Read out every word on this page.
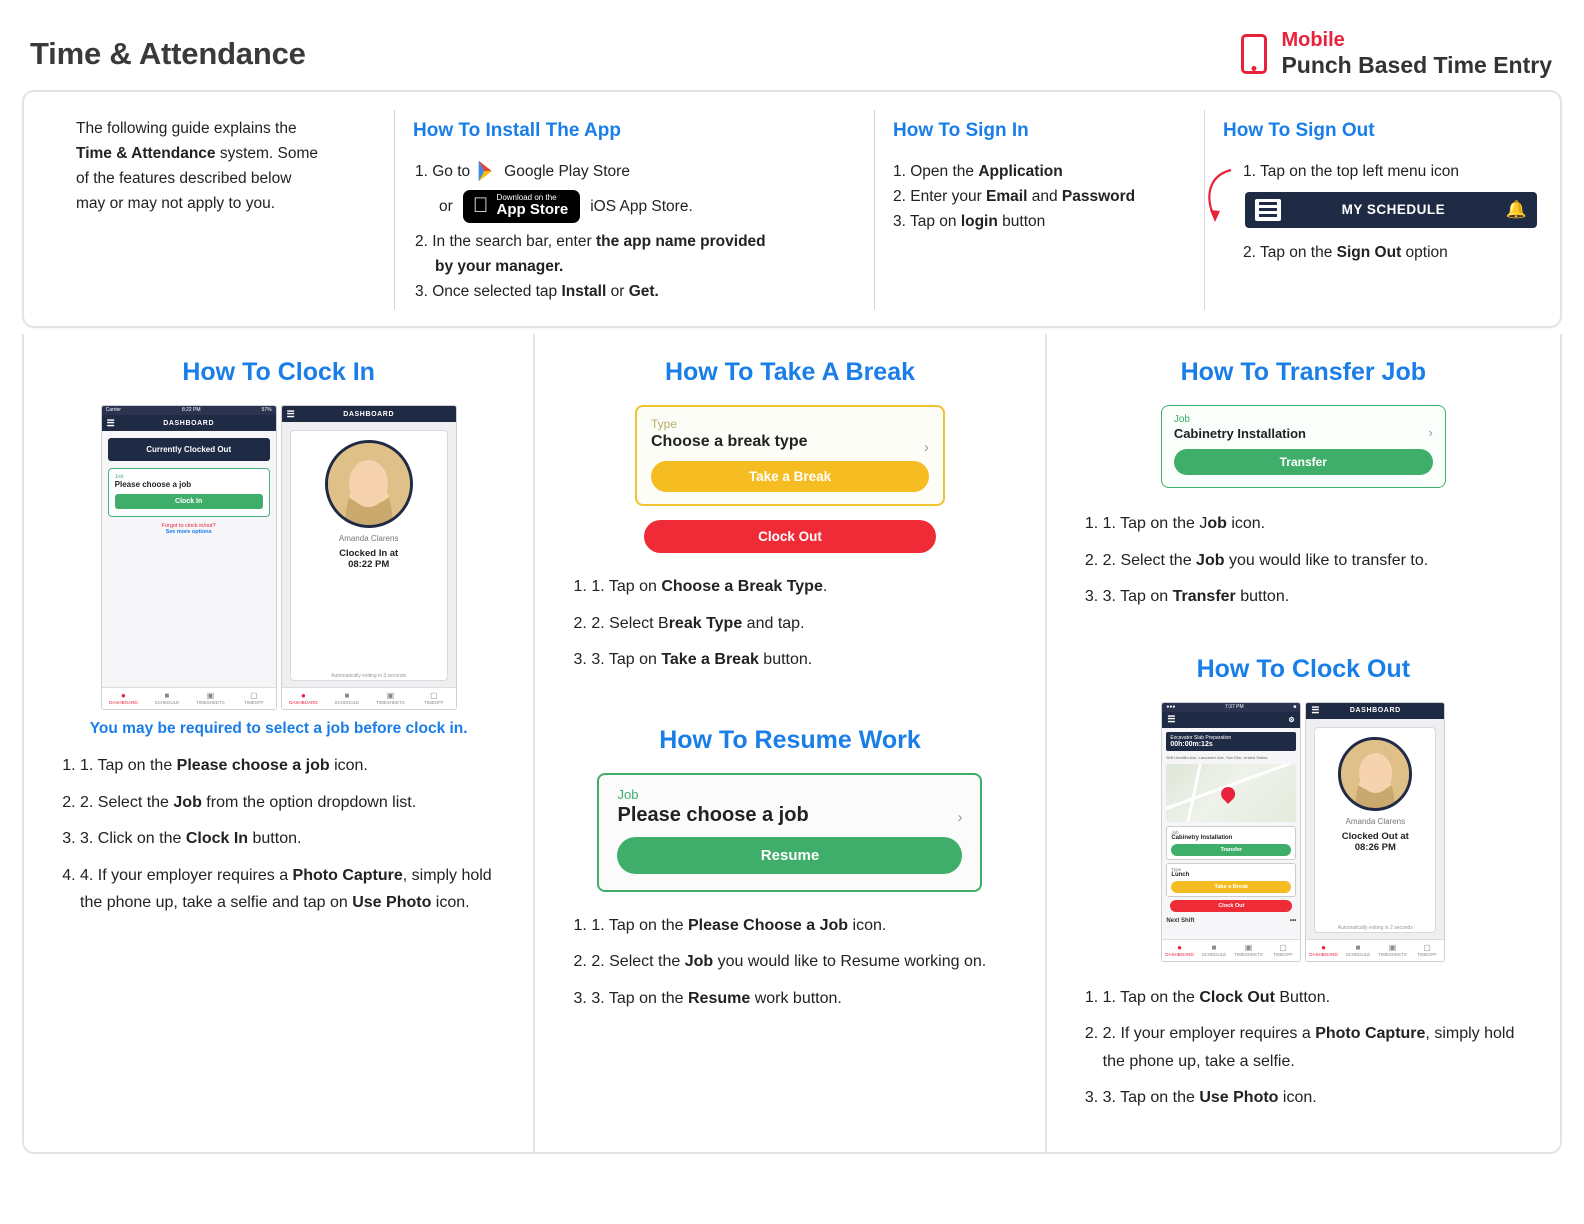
Time & Attendance	Mobile
Punch Based Time Entry
The following guide explains the
Time & Attendance system. Some
of the features described below
may or may not apply to you.
How To Install The App
1. Go to Google Play Store
or
Download on the
App Store iOS App Store.
2. In the search bar, enter the app name provided
by your manager.
3. Once selected tap Install or Get.
How To Sign In
1. Open the Application
2. Enter your Email and Password
3. Tap on login button
How To Sign Out
1. Tap on the top left menu icon
MY SCHEDULE	🔔
2. Tap on the Sign Out option
How To Clock In
Carrier	8:22 PM	57%
☰	DASHBOARD
Currently Clocked Out
Job
Please choose a job
Clock In
Forgot to clock in/out?
See more options
●
DASHBOARD
■
SCHEDULE
▣
TIMESHEETS
▢
TIMEOFF
☰	DASHBOARD
Amanda Clarens
Clocked In at
08:22 PM
Automatically exiting in 3 seconds
●
DASHBOARD
■
SCHEDULE
▣
TIMESHEETS
▢
TIMEOFF
You may be required to select a job before clock in.
1. 1. Tap on the Please choose a job icon.
2. 2. Select the Job from the option dropdown list.
3. 3. Click on the Clock In button.
4. 4. If your employer requires a Photo Capture, simply hold the phone up, take a selfie and tap on Use Photo icon.
How To Take A Break
Type
Choose a break type	›
Take a Break
Clock Out
1. 1. Tap on Choose a Break Type.
2. 2. Select Break Type and tap.
3. 3. Tap on Take a Break button.
How To Resume Work
Job
Please choose a job	›
Resume
1. 1. Tap on the Please Choose a Job icon.
2. 2. Select the Job you would like to Resume working on.
3. 3. Tap on the Resume work button.
How To Transfer Job
Job
Cabinetry Installation	›
Transfer
1. 1. Tap on the Job icon.
2. 2. Select the Job you would like to transfer to.
3. 3. Tap on Transfer button.
How To Clock Out
●●●	7:37 PM	■
☰	⚙
Excavator Slab Preparation
00h:00m:12s
508 Umatilla Ave, Lancaster Ave, San Dim, United States
Job
Cabinetry Installation
Transfer
Type
Lunch
Take a Break
Clock Out
Next Shift	•••
●
DASHBOARD
■
SCHEDULE
▣
TIMESHEETS
▢
TIMEOFF
☰	DASHBOARD
Amanda Clarens
Clocked Out at
08:26 PM
Automatically exiting in 2 seconds
●
DASHBOARD
■
SCHEDULE
▣
TIMESHEETS
▢
TIMEOFF
1. 1. Tap on the Clock Out Button.
2. 2. If your employer requires a Photo Capture, simply hold the phone up, take a selfie.
3. 3. Tap on the Use Photo icon.
